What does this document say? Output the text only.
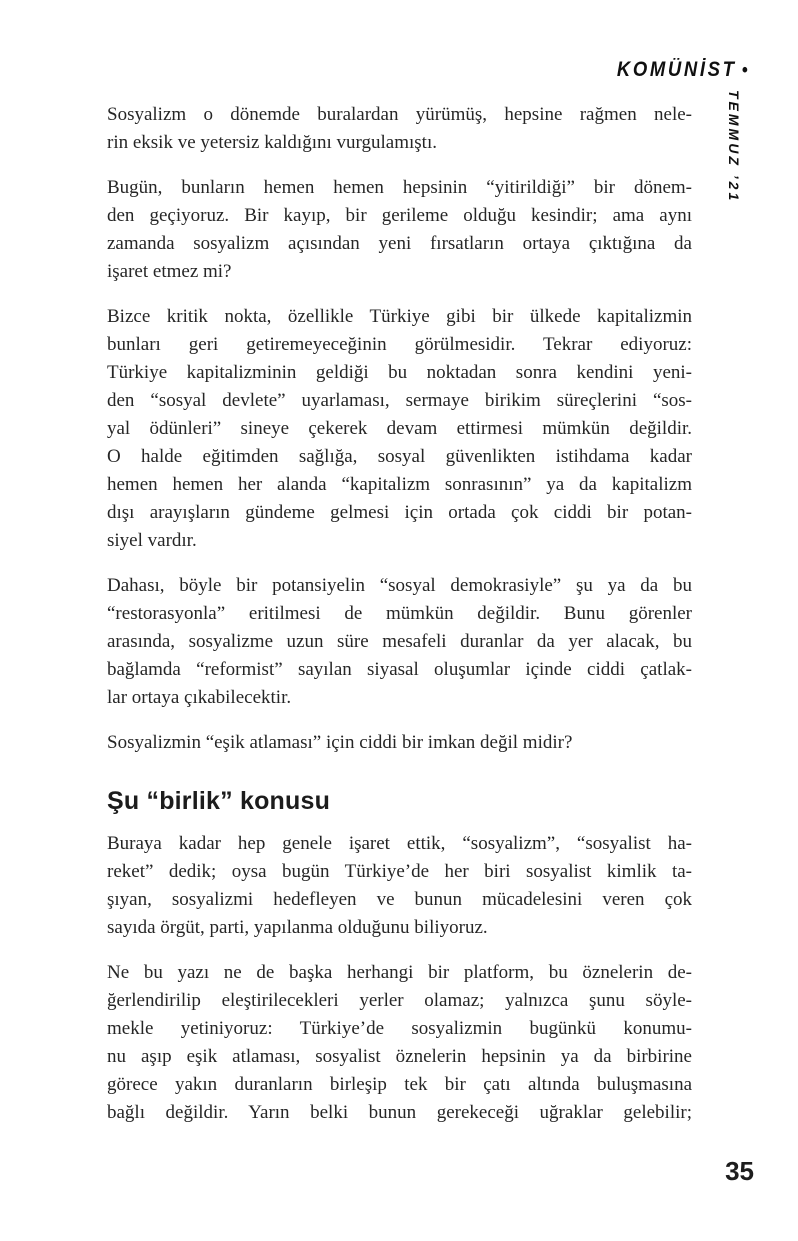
KOMÜNİST •
TEMMUZ ’21
Sosyalizm o dönemde buralardan yürümüş, hepsine rağmen nele-
rin eksik ve yetersiz kaldığını vurgulamıştı.
Bugün, bunların hemen hemen hepsinin “yitirildiği” bir dönem-
den geçiyoruz. Bir kayıp, bir gerileme olduğu kesindir; ama aynı
zamanda sosyalizm açısından yeni fırsatların ortaya çıktığına da
işaret etmez mi?
Bizce kritik nokta, özellikle Türkiye gibi bir ülkede kapitalizmin
bunları geri getiremeyeceğinin görülmesidir. Tekrar ediyoruz:
Türkiye kapitalizminin geldiği bu noktadan sonra kendini yeni-
den “sosyal devlete” uyarlaması, sermaye birikim süreçlerini “sos-
yal ödünleri” sineye çekerek devam ettirmesi mümkün değildir.
O halde eğitimden sağlığa, sosyal güvenlikten istihdama kadar
hemen hemen her alanda “kapitalizm sonrasının” ya da kapitalizm
dışı arayışların gündeme gelmesi için ortada çok ciddi bir potan-
siyel vardır.
Dahası, böyle bir potansiyelin “sosyal demokrasiyle” şu ya da bu
“restorasyonla” eritilmesi de mümkün değildir. Bunu görenler
arasında, sosyalizme uzun süre mesafeli duranlar da yer alacak, bu
bağlamda “reformist” sayılan siyasal oluşumlar içinde ciddi çatlak-
lar ortaya çıkabilecektir.
Sosyalizmin “eşik atlaması” için ciddi bir imkan değil midir?
Şu “birlik” konusu
Buraya kadar hep genele işaret ettik, “sosyalizm”, “sosyalist ha-
reket” dedik; oysa bugün Türkiye’de her biri sosyalist kimlik ta-
şıyan, sosyalizmi hedefleyen ve bunun mücadelesini veren çok
sayıda örgüt, parti, yapılanma olduğunu biliyoruz.
Ne bu yazı ne de başka herhangi bir platform, bu öznelerin de-
ğerlendirilip eleştirilecekleri yerler olamaz; yalnızca şunu söyle-
mekle yetiniyoruz: Türkiye’de sosyalizmin bugünkü konumu-
nu aşıp eşik atlaması, sosyalist öznelerin hepsinin ya da birbirine
görece yakın duranların birleşip tek bir çatı altında buluşmasına
bağlı değildir. Yarın belki bunun gerekeceği uğraklar gelebilir;
35
